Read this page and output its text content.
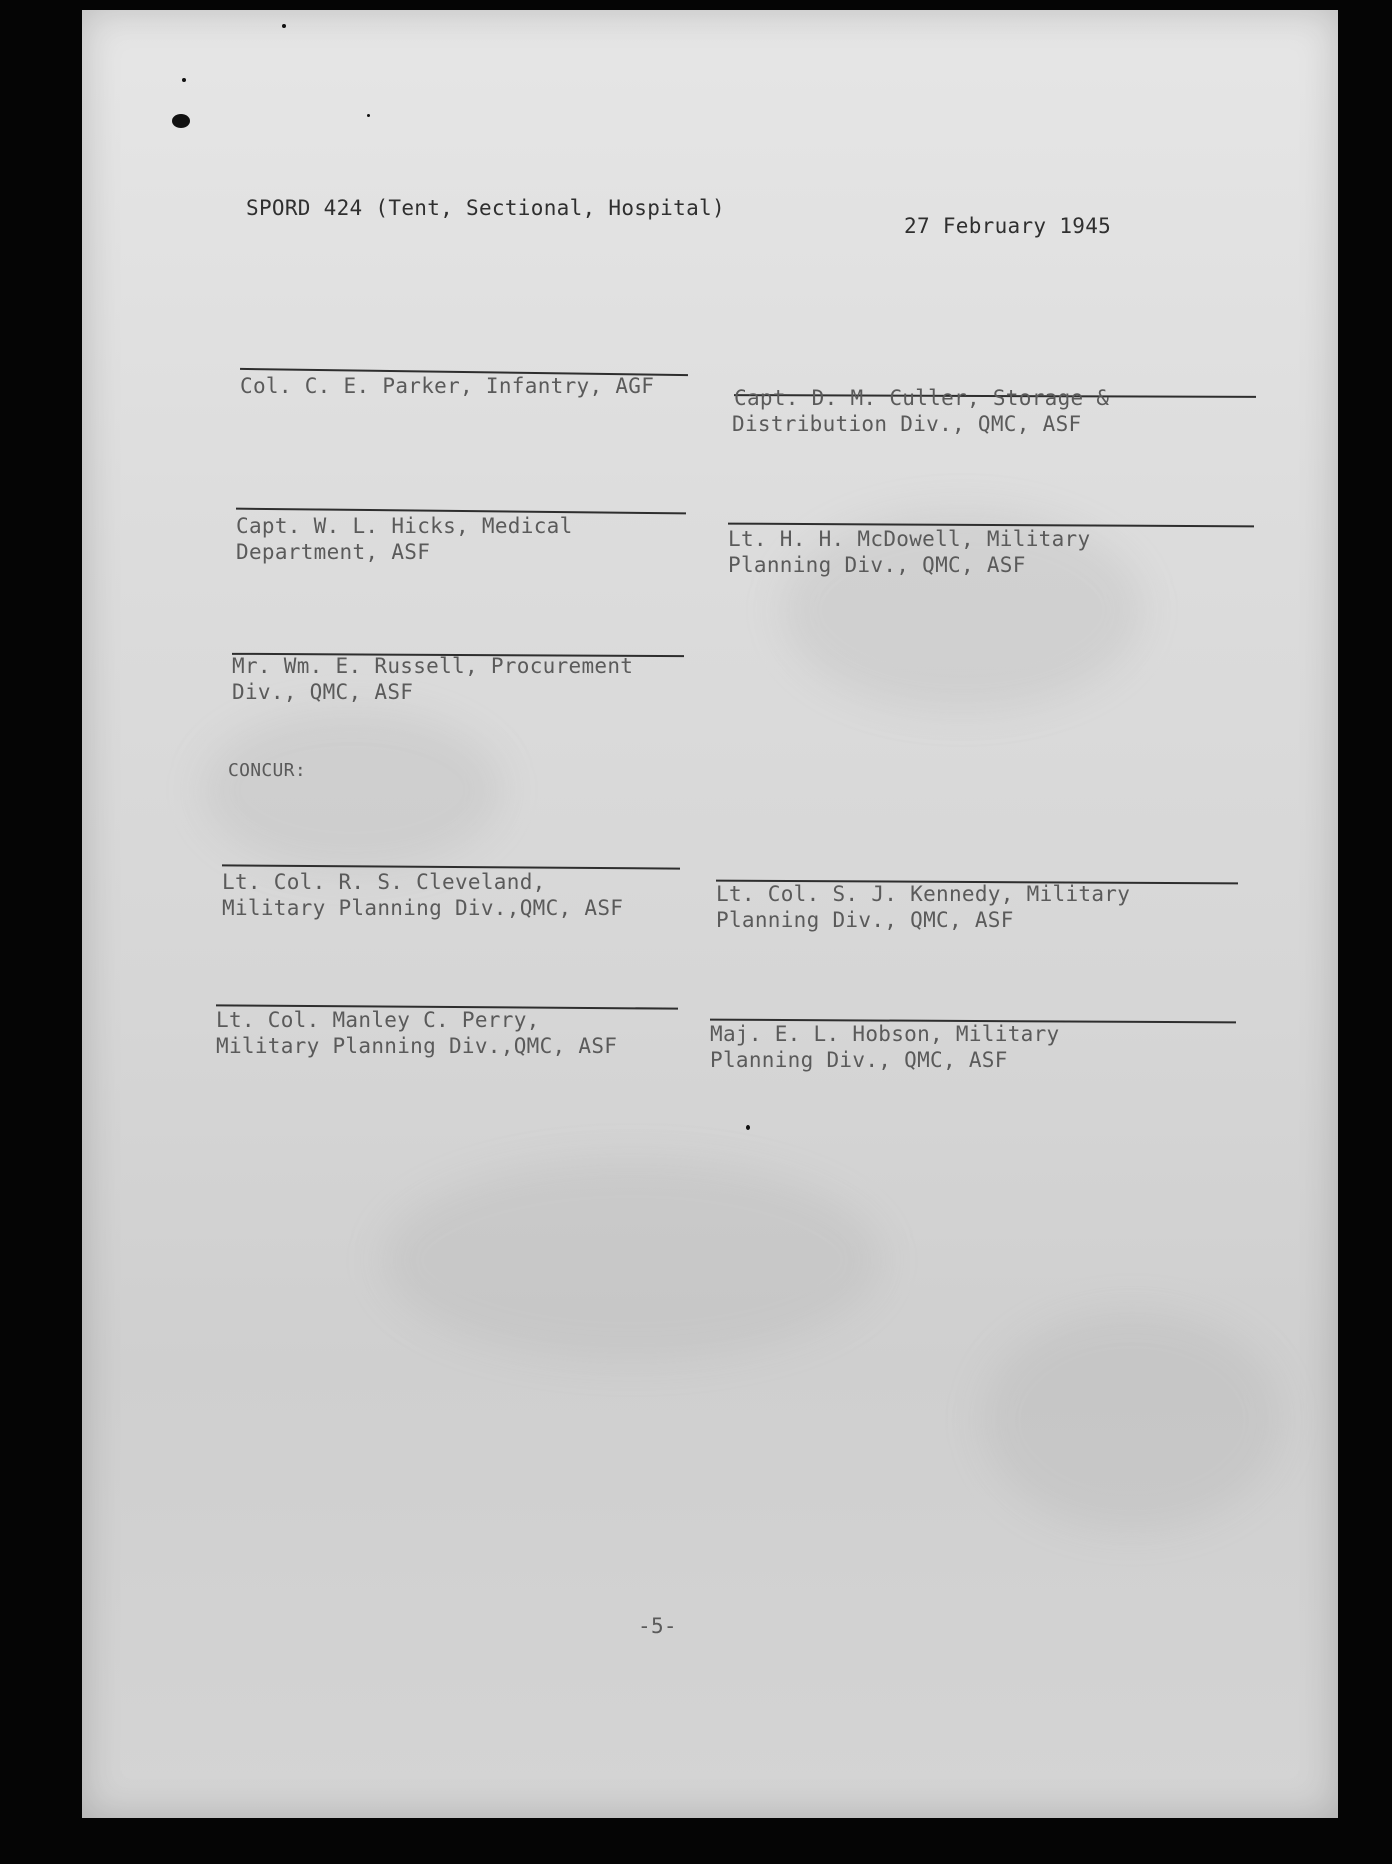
SPORD 424 (Tent, Sectional, Hospital)
27 February 1945
Col. C. E. Parker, Infantry, AGF	Capt. D. M. Culler, Storage &
Distribution Div., QMC, ASF
Capt. W. L. Hicks, Medical
Department, ASF
Lt. H. H. McDowell, Military
Planning Div., QMC, ASF
Mr. Wm. E. Russell, Procurement
Div., QMC, ASF
CONCUR:
Lt. Col. R. S. Cleveland,
Military Planning Div.,QMC, ASF
Lt. Col. S. J. Kennedy, Military
Planning Div., QMC, ASF
Lt. Col. Manley C. Perry,
Military Planning Div.,QMC, ASF	Maj. E. L. Hobson, Military
Planning Div., QMC, ASF
-5-
